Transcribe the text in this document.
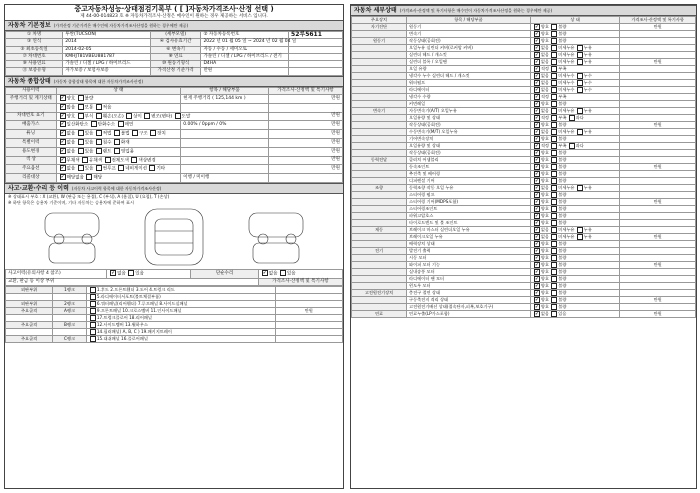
중고자동차성능·상태점검기록부 ( [ ]자동차가격조사·산정 선택 )
제 44-00-014823 호 ※ 자동차가격조사·산정은 매수인이 원하는 경우 제공하는 서비스 입니다.
자동차 기본정보 (가격산정 기준가격은 매수인에 자동차가격조사산정을 원하는 경우에만 제공)
① 차명	투싼(TUCSON)	(세부모델)	② 자동차등록번호	52루5611
③ 연식	2014	④ 검사유효기간	2022 년 01 월 05 일 ~ 2024 년 02 월 04 일	
⑤ 최초등록일	2014-02-05	⑥ 변속기	자동 / 수동 / 세미오토	
⑦ 차대번호	KMHJT81VBEU881787	⑧ 연료	가솔린 / 디젤 / LPG / 하이브리드 / 전기	
⑨ 사용연료	가솔린 / 디젤 / LPG / 하이브리드	⑩ 원동기형식	D4HA	
⑪ 보증유형	자가보증 / 보험사보증	가격산정 기준가격	만원	
자동차 종합상태 (자동차 종합상태 항목에 대한 자동차가격조사산정)
사용이력	상 태	항목 / 해당부품	가격조사·산정액 및 특기사항
주행거리 및 계기상태	✔양호 불량	현재 주행거리 ( 125,144 km )	만원
	✔많음 보통 적음		
차대번호 표기	✔양호 부식 훼손(오손) 상이 변조(변타) 도말		만원
배출가스	✔일산화탄소 탄화수소 매연	0.00% / 0ppm / 0%	만원
튜닝	✔없음 있음 적법 불법 구조 장치		만원
특별이력	✔없음 있음 침수 화재		만원
용도변경	✔없음 있음 렌트 영업용		만원
색 상	✔무채색 유채색 전체도색 색상변경		만원
주요옵션	✔없음 있음 썬루프 네비게이션 기타		만원
리콜대상	✔해당없음 해당	이행 / 미이행	
사고·교환·수리 등 이력 (자동차 사고이력 항목에 대한 자동차가격조사산정)
※ 상태표시 부호 : X (교환), W (판금 또는 용접), C (부식), A (흠집), U (요철), T (손상)
※ 하단 항목은 승용차 기준이며, 기타 자동차는 승용차에 준하여 표시
사고이력(유의사항 4 참조)	✔없음 있음	단순수리	✔없음 있음
교환, 판금 등 이상 부위			가격조사·산정액 및 특기사항
외판부위	1랭크	1.후드 2.프론트휀더 3.도어 4.트렁크 리드	
		5.라디에이터서포트(볼트체결부품)	
외판부위	2랭크	6.쿼터패널(리어휀더) 7.루프패널 8.사이드실패널	
주요골격	A랭크	9.프론트패널 10.크로스멤버 11.인사이드패널	만원
		17.트렁크플로어 18.리어패널	
주요골격	B랭크	12.사이드멤버 13.휠하우스	
		14.필러패널( A, B, C ) 19.패키지트레이	
주요골격	C랭크	15.대쉬패널 16.플로어패널	
자동차 세부상태 (가격조사·산정액 및 특기사항은 매수인이 자동차가격조사산정을 원하는 경우에만 제공)
주요장치	항목 / 해당부품	상 태	가격조사·산정액 및 특기사항
자기진단	원동기	✔양호 불량	만원
	변속기	✔양호 불량	
원동기	작동상태(공회전)	✔양호 불량	
	오일누유 실린더 커버(로커암 커버)	✔없음 미세누유 누유	
	실린더 헤드 / 개스킷	✔없음 미세누유 누유	
	실린더 블록 / 오일팬	✔없음 미세누유 누유	만원
	오일 유량	✔적정 부족	
	냉각수 누수 실린더 헤드 / 개스킷	✔없음 미세누수 누수	
	워터펌프	✔없음 미세누수 누수	
	라디에이터	✔없음 미세누수 누수	
	냉각수 수량	✔적정 부족	
	커먼레일	✔양호 불량	
변속기	자동변속기(A/T) 오일누유	✔없음 미세누유 누유	
	오일유량 및 상태	✔적정 부족 과다	
	작동상태(공회전)	✔양호 불량	만원
	수동변속기(M/T) 오일누유	✔없음 미세누유 누유	
	기어변속장치	✔양호 불량	
	오일유량 및 상태	✔적정 부족 과다	
	작동상태(공회전)	✔양호 불량	
동력전달	클러치 어셈블리	✔양호 불량	
	등속조인트	✔양호 불량	만원
	추진축 및 베어링	✔양호 불량	
	디퍼렌셜 기어	✔양호 불량	
조향	동력조향 작동 오일 누유	✔없음 미세누유 누유	
	스티어링 펌프	✔양호 불량	
	스티어링 기어(MDPS포함)	✔양호 불량	만원
	스티어링조인트	✔양호 불량	
	파워고압호스	✔양호 불량	
	타이로드엔드 및 볼 조인트	✔양호 불량	
제동	브레이크 마스터 실린더오일 누유	✔없음 미세누유 누유	
	브레이크오일 누유	✔없음 미세누유 누유	만원
	배력장치 상태	✔양호 불량	
전기	발전기 출력	✔양호 불량	
	시동 모터	✔양호 불량	
	와이퍼 모터 기능	✔양호 불량	만원
	실내송풍 모터	✔양호 불량	
	라디에이터 팬 모터	✔양호 불량	
	윈도우 모터	✔양호 불량	
고전원전기장치	충전구 절연 상태	✔양호 불량	
	구동축전지 격리 상태	✔양호 불량	만원
	고전원전기배선 상태(접속단자,피복,보호기구)	✔양호 불량	
연료	연료누출(LP가스포함)	✔없음 있음	만원
